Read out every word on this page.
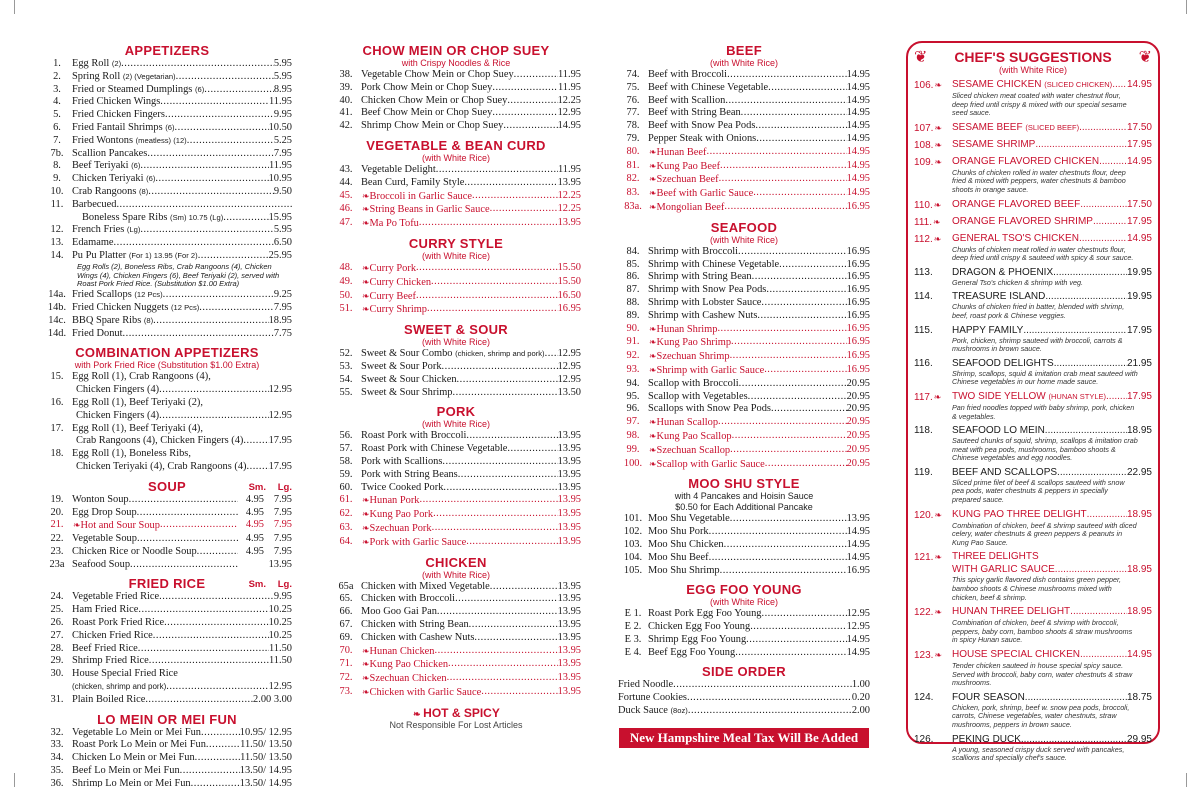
APPETIZERS
1.	Egg Roll (2) .....	5.95
2.	Spring Roll (2) (Vegetarian) .....	5.95
3.	Fried or Steamed Dumplings (6) .....	8.95
4.	Fried Chicken Wings .....	11.95
5.	Fried Chicken Fingers .....	9.95
6.	Fried Fantail Shrimps (6) .....	10.50
7.	Fried Wontons (meatless) (12) .....	5.25
7b. Scallion Pancakes .....	7.95
8.	Beef Teriyaki (6) .....	11.95
9.	Chicken Teriyaki (6) .....	10.95
10. Crab Rangoons (8) .....	9.50
11. Barbecued
.....
Boneless Spare Ribs (Sm) 10.75 (Lg) .....	15.95
12. French Fries (Lg) .....	5.95
13. Edamame .....	6.50
14. Pu Pu Platter (For 1) 13.95 (For 2) .....	25.95
Egg Rolls (2), Boneless Ribs, Crab Rangoons (4), Chicken Wings (4), Chicken Fingers (6), Beef Teriyaki (2), served with Roast Pork Fried Rice. (Substitution $1.00 Extra)
14a. Fried Scallops (12 Pcs) .....	9.25
14b. Fried Chicken Nuggets (12 Pcs) .....	7.95
14c. BBQ Spare Ribs (8) .....	18.95
14d. Fried Donut .....	7.75
COMBINATION APPETIZERS
with Pork Fried Rice (Substitution $1.00 Extra)
15. Egg Roll (1), Crab Rangoons (4),
Chicken Fingers (4) .....	12.95
16. Egg Roll (1), Beef Teriyaki (2),
Chicken Fingers (4) .....	12.95
17. Egg Roll (1), Beef Teriyaki (4),
Crab Rangoons (4), Chicken Fingers (4) ..... 17.95
18. Egg Roll (1), Boneless Ribs,
Chicken Teriyaki (4), Crab Rangoons (4) ..... 17.95
SOUP	Sm. Lg.
19. Wonton Soup .....	4.95 7.95
20. Egg Drop Soup .....	4.95 7.95
21.	❧Hot and Sour Soup .....	4.95 7.95
22. Vegetable Soup .....	4.95 7.95
23. Chicken Rice or Noodle Soup .....	4.95 7.95
23a Seafood Soup .....	13.95
FRIED RICE	Sm. Lg.
24. Vegetable Fried Rice .....	9.95
25. Ham Fried Rice .....	10.25
26. Roast Pork Fried Rice .....	10.25
27. Chicken Fried Rice .....	10.25
28. Beef Fried Rice .....	11.50
29. Shrimp Fried Rice .....	11.50
30. House Special Fried Rice
(chicken, shrimp and pork) .....	12.95
31. Plain Boiled Rice .....	2.00 3.00
LO MEIN OR MEI FUN
32. Vegetable Lo Mein or Mei Fun .....	10.95/ 12.95
33. Roast Pork Lo Mein or Mei Fun .....	11.50/ 13.50
34. Chicken Lo Mein or Mei Fun .....	11.50/ 13.50
35. Beef Lo Mein or Mei Fun .....	13.50/ 14.95
36. Shrimp Lo Mein or Mei Fun .....	13.50/ 14.95
CHOW MEIN OR CHOP SUEY
with Crispy Noodles & Rice
38. Vegetable Chow Mein or Chop Suey .....	11.95
39. Pork Chow Mein or Chop Suey .....	11.95
40. Chicken Chow Mein or Chop Suey .....	12.25
41. Beef Chow Mein or Chop Suey .....	12.95
42. Shrimp Chow Mein or Chop Suey .....	14.95
VEGETABLE & BEAN CURD
(with White Rice)
43. Vegetable Delight .....	11.95
44. Bean Curd, Family Style .....	13.95
45.	❧Broccoli in Garlic Sauce .....	12.25
46.	❧String Beans in Garlic Sauce .....	12.25
47.	❧Ma Po Tofu .....	13.95
CURRY STYLE
(with White Rice)
48.	❧Curry Pork .....	15.50
49.	❧Curry Chicken .....	15.50
50.	❧Curry Beef .....	16.50
51.	❧Curry Shrimp .....	16.95
SWEET & SOUR
(with White Rice)
52. Sweet & Sour Combo (chicken, shrimp and pork) ..... 12.95
53. Sweet & Sour Pork .....	12.95
54. Sweet & Sour Chicken .....	12.95
55. Sweet & Sour Shrimp .....	13.50
PORK
(with White Rice)
56. Roast Pork with Broccoli .....	13.95
57. Roast Pork with Chinese Vegetable .....	13.95
58. Pork with Scallions .....	13.95
59. Pork with String Beans .....	13.95
60. Twice Cooked Pork .....	13.95
61.	❧Hunan Pork .....	13.95
62.	❧Kung Pao Pork .....	13.95
63.	❧Szechuan Pork .....	13.95
64.	❧Pork with Garlic Sauce .....	13.95
CHICKEN
(with White Rice)
65a Chicken with Mixed Vegetable .....	13.95
65. Chicken with Broccoli .....	13.95
66. Moo Goo Gai Pan .....	13.95
67. Chicken with String Bean .....	13.95
69. Chicken with Cashew Nuts .....	13.95
70.	❧Hunan Chicken .....	13.95
71.	❧Kung Pao Chicken .....	13.95
72.	❧Szechuan Chicken .....	13.95
73.	❧Chicken with Garlic Sauce .....	13.95
❧ HOT & SPICY
Not Responsible For Lost Articles
BEEF
(with White Rice)
74. Beef with Broccoli .....	14.95
75. Beef with Chinese Vegetable .....	14.95
76. Beef with Scallion .....	14.95
77. Beef with String Bean .....	14.95
78. Beef with Snow Pea Pods .....	14.95
79. Pepper Steak with Onions .....	14.95
80.	❧Hunan Beef .....	14.95
81.	❧Kung Pao Beef .....	14.95
82.	❧Szechuan Beef .....	14.95
83.	❧Beef with Garlic Sauce .....	14.95
83a. ❧Mongolian Beef .....	16.95
SEAFOOD
(with White Rice)
84. Shrimp with Broccoli .....	16.95
85. Shrimp with Chinese Vegetable .....	16.95
86. Shrimp with String Bean .....	16.95
87. Shrimp with Snow Pea Pods .....	16.95
88. Shrimp with Lobster Sauce .....	16.95
89. Shrimp with Cashew Nuts .....	16.95
90.	❧Hunan Shrimp .....	16.95
91.	❧Kung Pao Shrimp .....	16.95
92.	❧Szechuan Shrimp .....	16.95
93.	❧Shrimp with Garlic Sauce .....	16.95
94. Scallop with Broccoli .....	20.95
95. Scallop with Vegetables .....	20.95
96. Scallops with Snow Pea Pods .....	20.95
97.	❧Hunan Scallop .....	20.95
98.	❧Kung Pao Scallop .....	20.95
99.	❧Szechuan Scallop .....	20.95
100. ❧Scallop with Garlic Sauce .....	20.95
MOO SHU STYLE
with 4 Pancakes and Hoisin Sauce
$0.50 for Each Additional Pancake
101. Moo Shu Vegetable .....	13.95
102. Moo Shu Pork .....	14.95
103. Moo Shu Chicken .....	14.95
104. Moo Shu Beef .....	14.95
105. Moo Shu Shrimp .....	16.95
EGG FOO YOUNG
(with White Rice)
E 1. Roast Pork Egg Foo Young .....	12.95
E 2. Chicken Egg Foo Young .....	12.95
E 3. Shrimp Egg Foo Young .....	14.95
E 4. Beef Egg Foo Young .....	14.95
SIDE ORDER
Fried Noodle .....	1.00
Fortune Cookies .....	0.20
Duck Sauce (8oz) .....	2.00
New Hampshire Meal Tax Will Be Added
❦ CHEF'S SUGGESTIONS ❦
(with White Rice)
106.❧ SESAME CHICKEN (SLICED CHICKEN) ..... 14.95
Sliced chicken meat coated with water chestnut flour, deep fried until crispy & mixed with our special sesame seed sauce.
107.❧ SESAME BEEF (SLICED BEEF) .....	17.50
108.❧ SESAME SHRIMP .....	17.95
109.❧ ORANGE FLAVORED CHICKEN .....	14.95
Chunks of chicken rolled in water chestnuts flour, deep fried & mixed with peppers, water chestnuts & bamboo shoots in orange sauce.
110.❧	ORANGE FLAVORED BEEF .....	17.50
111.❧	ORANGE FLAVORED SHRIMP .....	17.95
112.❧	GENERAL TSO'S CHICKEN .....	14.95
Chunks of chicken meat rolled in water chestnuts flour, deep fried until crispy & sauteed with spicy & sour sauce.
113.	DRAGON & PHOENIX .....	19.95
General Tso's chicken & shrimp with veg.
114.	TREASURE ISLAND .....	19.95
Chunks of chicken fried in batter, blended with shrimp, beef, roast pork & Chinese veggies.
115.	HAPPY FAMILY .....	17.95
Pork, chicken, shrimp sauteed with broccoli, carrots & mushrooms in brown sauce.
116.	SEAFOOD DELIGHTS .....	21.95
Shrimp, scallops, squid & imitation crab meat sauteed with Chinese vegetables in our home made sauce.
117.❧	TWO SIDE YELLOW (HUNAN STYLE) ..... 17.95
Pan fried noodles topped with baby shrimp, pork, chicken & vegetables.
118.	SEAFOOD LO MEIN .....	18.95
Sauteed chunks of squid, shrimp, scallops & imitation crab meat with pea pods, mushrooms, bamboo shoots & Chinese vegetables and egg noodles.
119.	BEEF AND SCALLOPS .....	22.95
Sliced prime filet of beef & scallops sauteed with snow pea pods, water chestnuts & peppers in specially prepared sauce.
120.❧ KUNG PAO THREE DELIGHT .....	18.95
Combination of chicken, beef & shrimp sauteed with diced celery, water chestnuts & green peppers & peanuts in Kung Pao Sauce.
121.❧ THREE DELIGHTS
WITH GARLIC SAUCE .....	18.95
This spicy garlic flavored dish contains green pepper, bamboo shoots & Chinese mushrooms mixed with chicken, beef & shrimp.
122.❧ HUNAN THREE DELIGHT .....	18.95
Combination of chicken, beef & shrimp with broccoli, peppers, baby corn, bamboo shoots & straw mushrooms in spicy Hunan sauce.
123.❧ HOUSE SPECIAL CHICKEN .....	14.95
Tender chicken sauteed in house special spicy sauce. Served with broccoli, baby corn, water chestnuts & straw mushrooms.
124.	FOUR SEASON .....	18.75
Chicken, pork, shrimp, beef w. snow pea pods, broccoli, carrots, Chinese vegetables, water chestnuts, straw mushrooms, peppers in brown sauce.
126.	PEKING DUCK .....	29.95
A young, seasoned crispy duck served with pancakes, scallions and specially chef's sauce.
